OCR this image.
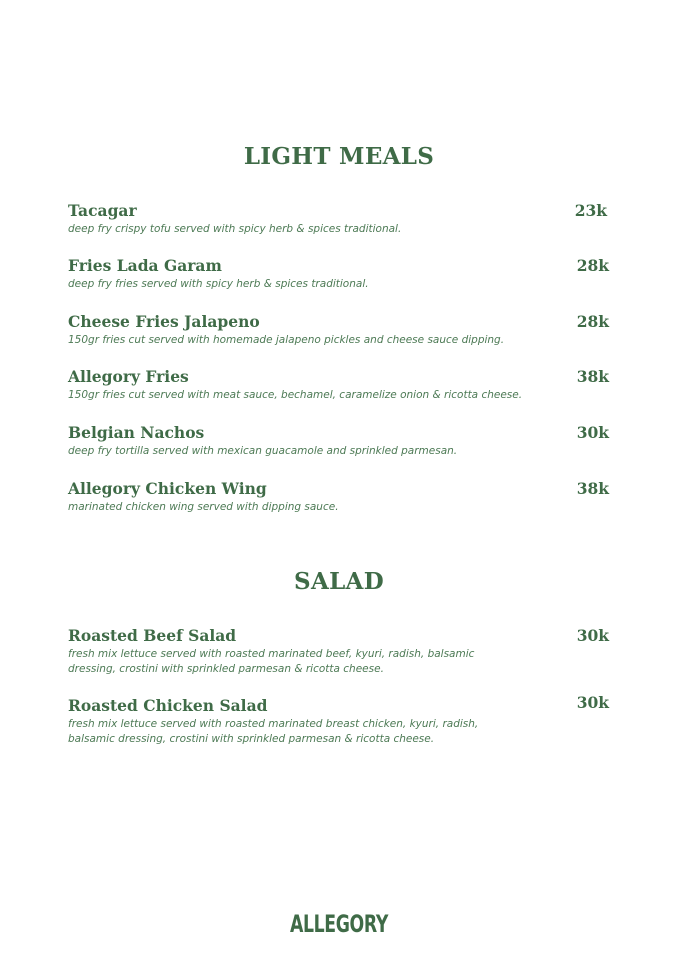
LIGHT MEALS
Tacagar	23k
deep fry crispy tofu served with spicy herb & spices traditional.
Fries Lada Garam	28k
deep fry fries served with spicy herb & spices traditional.
Cheese Fries Jalapeno	28k
150gr fries cut served with homemade jalapeno pickles and cheese sauce dipping.
Allegory Fries	38k
150gr fries cut served with meat sauce, bechamel, caramelize onion & ricotta cheese.
Belgian Nachos	30k
deep fry tortilla served with mexican guacamole and sprinkled parmesan.
Allegory Chicken Wing	38k
marinated chicken wing served with dipping sauce.
SALAD
Roasted Beef Salad	30k
fresh mix lettuce served with roasted marinated beef, kyuri, radish, balsamic
dressing, crostini with sprinkled parmesan & ricotta cheese.
Roasted Chicken Salad	30k
fresh mix lettuce served with roasted marinated breast chicken, kyuri, radish,
balsamic dressing, crostini with sprinkled parmesan & ricotta cheese.
ALLEGORY
